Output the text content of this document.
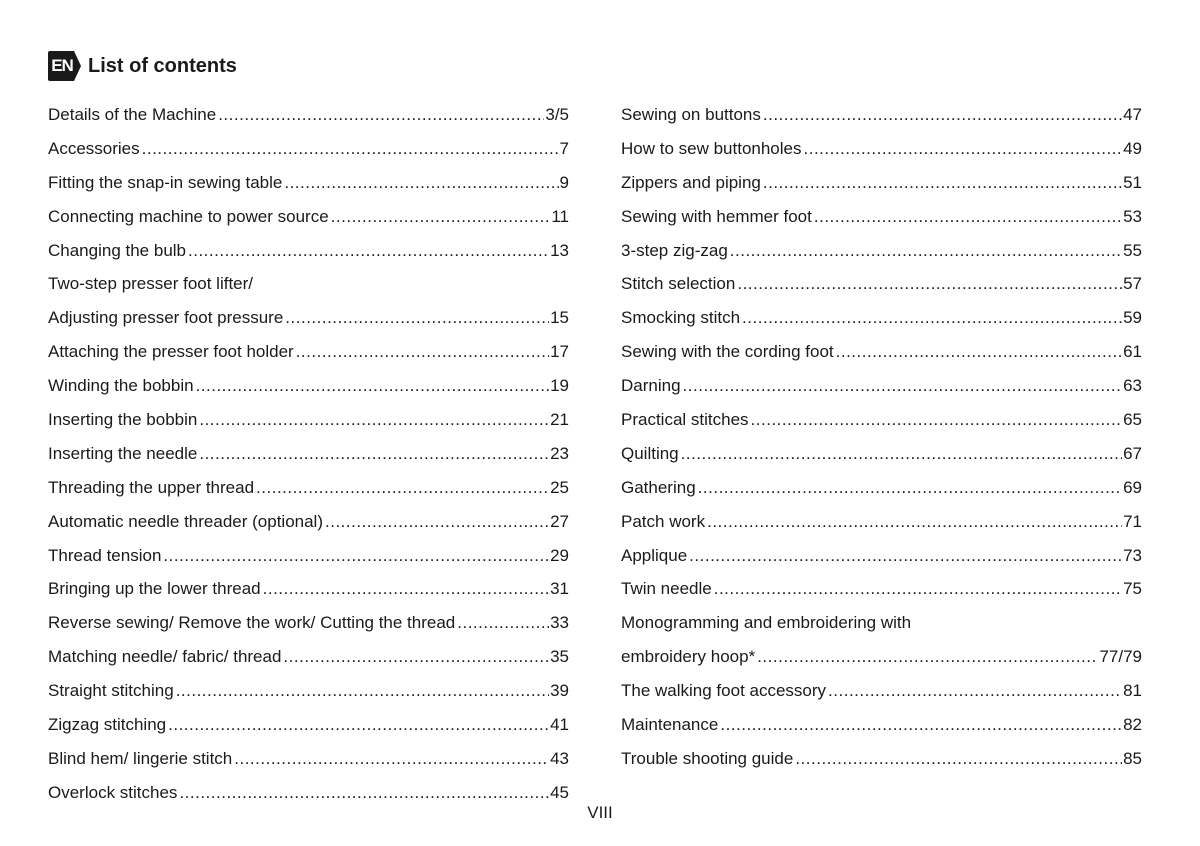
EN List of contents
Details of the Machine .....	3/5
Accessories .....	7
Fitting the snap-in sewing table .....	9
Connecting machine to power source .....	11
Changing the bulb .....	13
Two-step presser foot lifter/
Adjusting presser foot pressure .....	15
Attaching the presser foot holder .....	17
Winding the bobbin .....	19
Inserting the bobbin .....	21
Inserting the needle .....	23
Threading the upper thread .....	25
Automatic needle threader (optional) .....	27
Thread tension .....	29
Bringing up the lower thread .....	31
Reverse sewing/ Remove the work/ Cutting the thread .....	33
Matching needle/ fabric/ thread .....	35
Straight stitching .....	39
Zigzag stitching .....	41
Blind hem/ lingerie stitch .....	43
Overlock stitches .....	45
Sewing on buttons .....	47
How to sew buttonholes .....	49
Zippers and piping .....	51
Sewing with hemmer foot .....	53
3-step zig-zag .....	55
Stitch selection .....	57
Smocking stitch .....	59
Sewing with the cording foot .....	61
Darning .....	63
Practical stitches .....	65
Quilting .....	67
Gathering .....	69
Patch work .....	71
Applique .....	73
Twin needle .....	75
Monogramming and embroidering with
embroidery hoop* .....	77/79
The walking foot accessory .....	81
Maintenance .....	82
Trouble shooting guide .....	85
VIII
